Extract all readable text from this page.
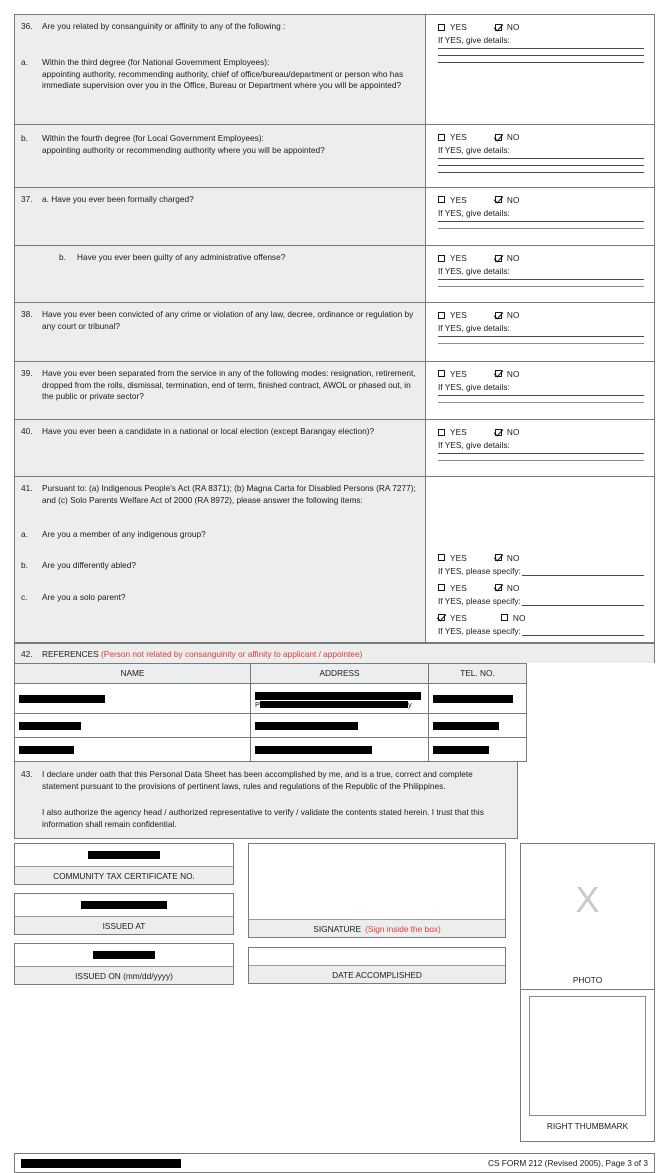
36.	Are you related by consanguinity or affinity to any of the following :
a.	Within the third degree (for National Government Employees):
appointing authority, recommending authority, chief of office/bureau/department or person who has immediate supervision over you in the Office, Bureau or Department where you will be appointed?
YES	NO
If YES, give details:
b.	Within the fourth degree (for Local Government Employees):
appointing authority or recommending authority where you will be appointed?
YES	NO
If YES, give details:
37.	a. Have you ever been formally charged?	YES	NO
If YES, give details:
b.	Have you ever been guilty of any administrative offense?	YES	NO
If YES, give details:
38.	Have you ever been convicted of any crime or violation of any law, decree, ordinance or regulation by any court or tribunal?
YES	NO
If YES, give details:
39.	Have you ever been separated from the service in any of the following modes: resignation, retirement, dropped from the rolls, dismissal, termination, end of term, finished contract, AWOL or phased out, in the public or private sector?
YES	NO
If YES, give details:
40.	Have you ever been a candidate in a national or local election (except Barangay election)?	YES	NO
If YES, give details:
41.	Pursuant to: (a) Indigenous People's Act (RA 8371); (b) Magna Carta for Disabled Persons (RA 7277); and (c) Solo Parents Welfare Act of 2000 (RA 8972), please answer the following items:
a.	Are you a member of any indigenous group?
b.	Are you differently abled?
c.	Are you a solo parent?
YES	NO
If YES, please specify:
YES	NO
If YES, please specify:
YES	NO
If YES, please specify:
42.	REFERENCES (Person not related by consanguinity or affinity to applicant / appointee)
NAME	ADDRESS	TEL. NO.

	P y	

43.	I declare under oath that this Personal Data Sheet has been accomplished by me, and is a true, correct and complete statement pursuant to the provisions of pertinent laws, rules and regulations of the Republic of the Philippines.
I also authorize the agency head / authorized representative to verify / validate the contents stated herein. I trust that this information shall remain confidential.
COMMUNITY TAX CERTIFICATE NO.
ISSUED AT
ISSUED ON (mm/dd/yyyy)
SIGNATURE (Sign inside the box)
DATE ACCOMPLISHED
X
PHOTO
RIGHT THUMBMARK
CS FORM 212 (Revised 2005), Page 3 of 3
